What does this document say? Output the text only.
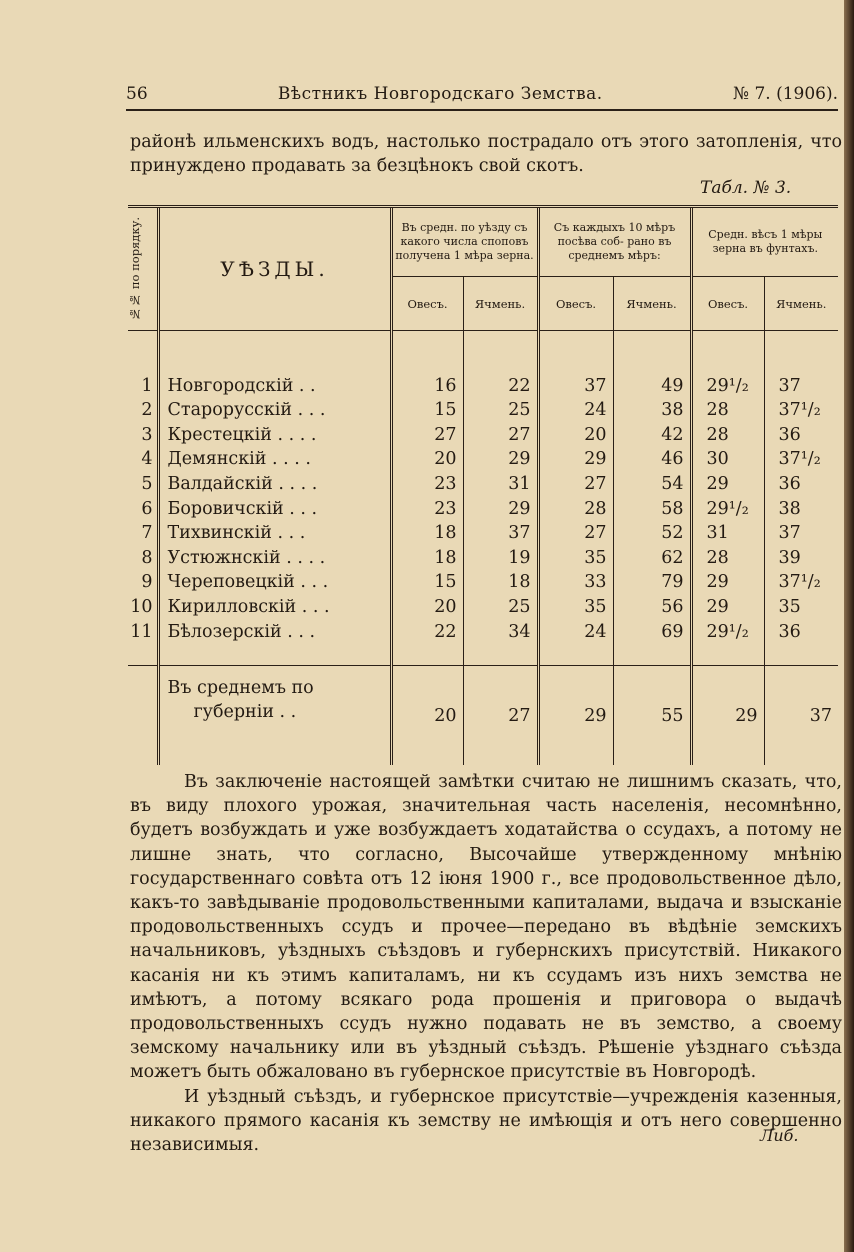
56	Вѣстникъ Новгородскаго Земства.	№ 7. (1906).

районѣ ильменскихъ водъ, настолько пострадало отъ этого затопленія, что принуждено продавать за безцѣнокъ свой скотъ.

Табл. № 3.
№№ по порядку.	УѢЗДЫ.	Въ средн. по уѣзду съ какого числа споповъ получена 1 мѣра зерна.		Съ каждыхъ 10 мѣръ посѣва соб- рано въ среднемъ мѣръ:		Средн. вѣсъ 1 мѣры зерна въ фунтахъ.	
		Овесъ.	Ячмень.	Овесъ.	Ячмень.	Овесъ.	Ячмень.

1	Новгородскій . .	16	22	37	49	29¹/₂	37
2	Старорусскій . . .	15	25	24	38	28	37¹/₂
3	Крестецкій . . . .	27	27	20	42	28	36
4	Демянскій . . . .	20	29	29	46	30	37¹/₂
5	Валдайскій . . . .	23	31	27	54	29	36
6	Боровичскій . . .	23	29	28	58	29¹/₂	38
7	Тихвинскій . . .	18	37	27	52	31	37
8	Устюжнскій . . . .	18	19	35	62	28	39
9	Череповецкій . . .	15	18	33	79	29	37¹/₂
10	Кирилловскій . . .	20	25	35	56	29	35
11	Бѣлозерскій . . .	22	34	24	69	29¹/₂	36

	Въ среднемъ по
губерніи . .	20	27	29	55	29	37

Въ заключеніе настоящей замѣтки считаю не лишнимъ сказать, что, въ виду плохого урожая, значительная часть населенія, несомнѣнно, будетъ возбуждать и уже возбуждаетъ ходатайства о ссудахъ, а потому не лишне знать, что согласно, Высочайше утвержденному мнѣнію государственнаго совѣта отъ 12 іюня 1900 г., все продовольственное дѣло, какъ-то завѣдываніе продовольственными капиталами, выдача и взысканіе продовольственныхъ ссудъ и прочее—передано въ вѣдѣніе земскихъ начальниковъ, уѣздныхъ съѣздовъ и губернскихъ присутствій. Никакого касанія ни къ этимъ капиталамъ, ни къ ссудамъ изъ нихъ земства не имѣютъ, а потому всякаго рода прошенія и приговора о выдачѣ продовольственныхъ ссудъ нужно подавать не въ земство, а своему земскому начальнику или въ уѣздный съѣздъ. Рѣшеніе уѣзднаго съѣзда можетъ быть обжаловано въ губернское присутствіе въ Новгородѣ.

И уѣздный съѣздъ, и губернское присутствіе—учрежденія казенныя, никакого прямого касанія къ земству не имѣющія и отъ него совершенно независимыя.	Либ.
